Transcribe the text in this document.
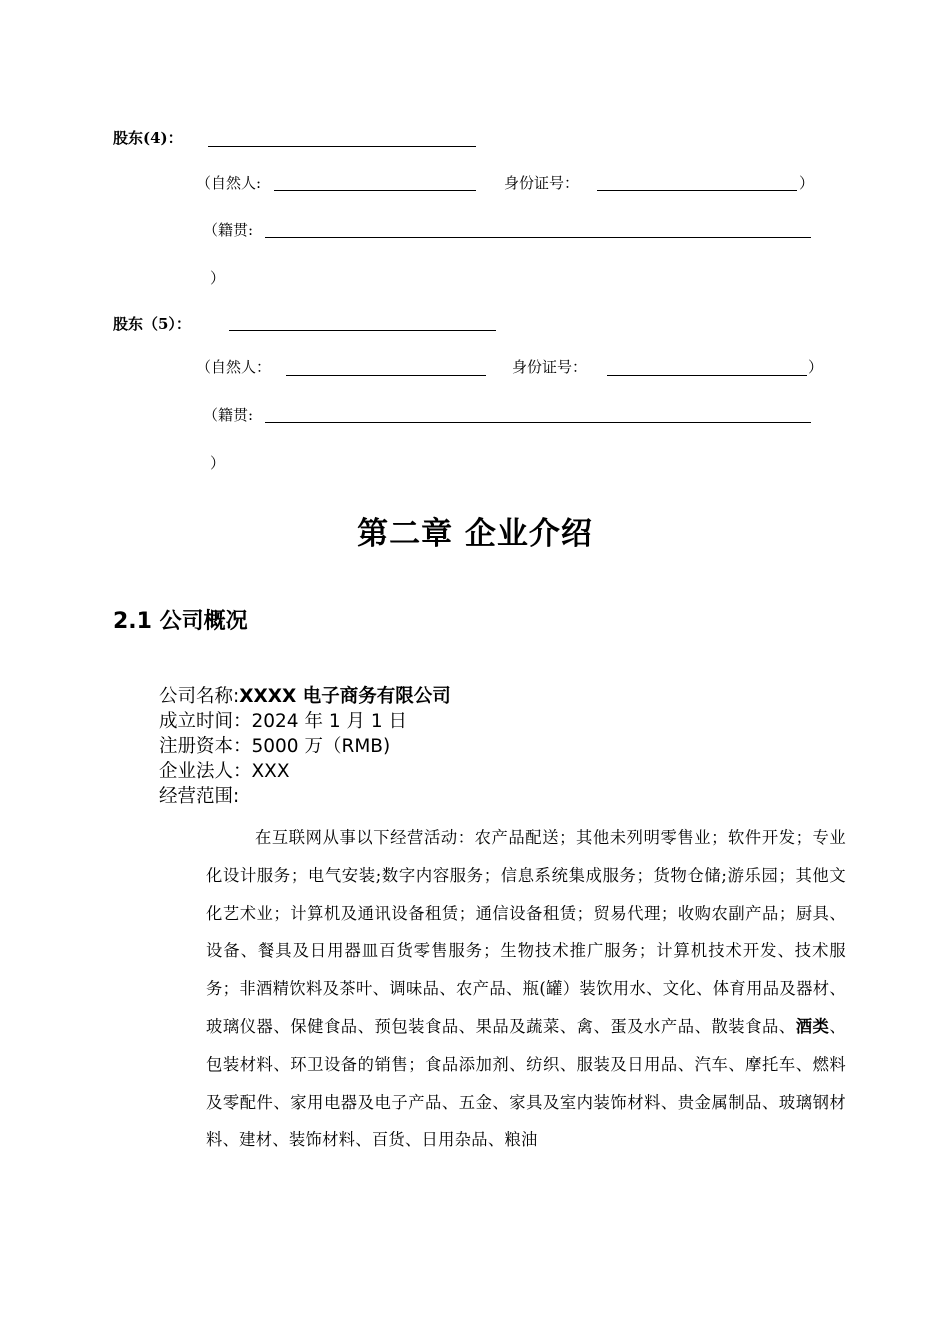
股东(4)：
（自然人:	身份证号：	）
（籍贯:
）
股东（5）：
（自然人：	身份证号：	）
（籍贯:
）
第二章 企业介绍
2.1 公司概况
公司名称:XXXX 电子商务有限公司
成立时间：2024 年 1 月 1 日
注册资本：5000 万（RMB)
企业法人：XXX
经营范围:
在互联网从事以下经营活动：农产品配送；其他未列明零售业；软件开发；专业化设计服务；电气安装;数字内容服务；信息系统集成服务；货物仓储;游乐园；其他文化艺术业；计算机及通讯设备租赁；通信设备租赁；贸易代理；收购农副产品；厨具、设备、餐具及日用器皿百货零售服务；生物技术推广服务；计算机技术开发、技术服务；非酒精饮料及茶叶、调味品、农产品、瓶(罐）装饮用水、文化、体育用品及器材、玻璃仪器、保健食品、预包装食品、果品及蔬菜、禽、蛋及水产品、散装食品、酒类、包装材料、环卫设备的销售；食品添加剂、纺织、服装及日用品、汽车、摩托车、燃料及零配件、家用电器及电子产品、五金、家具及室内装饰材料、贵金属制品、玻璃钢材料、建材、装饰材料、百货、日用杂品、粮油
